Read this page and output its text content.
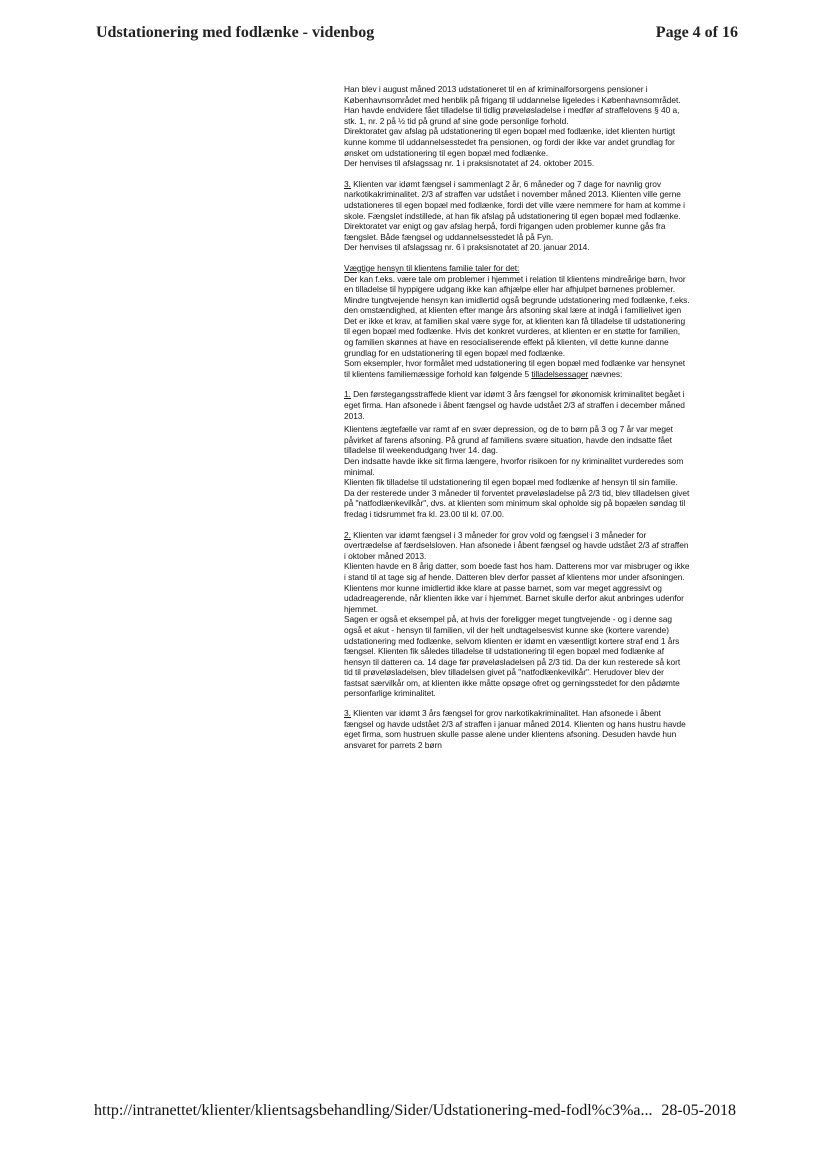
Udstationering med fodlænke - videnbog	Page 4 of 16

Han blev i august måned 2013 udstationeret til en af kriminalforsorgens pensioner i Københavnsområdet med henblik på frigang til uddannelse ligeledes i Københavnsområdet. Han havde endvidere fået tilladelse til tidlig prøveløsladelse i medfør af straffelovens § 40 a, stk. 1, nr. 2 på ½ tid på grund af sine gode personlige forhold.

Direktoratet gav afslag på udstationering til egen bopæl med fodlænke, idet klienten hurtigt kunne komme til uddannelsesstedet fra pensionen, og fordi der ikke var andet grundlag for ønsket om udstationering til egen bopæl med fodlænke.

Der henvises til afslagssag nr. 1 i praksisnotatet af 24. oktober 2015.

3. Klienten var idømt fængsel i sammenlagt 2 år, 6 måneder og 7 dage for navnlig grov narkotikakriminalitet. 2/3 af straffen var udstået i november måned 2013. Klienten ville gerne udstationeres til egen bopæl med fodlænke, fordi det ville være nemmere for ham at komme i skole. Fængslet indstillede, at han fik afslag på udstationering til egen bopæl med fodlænke. Direktoratet var enigt og gav afslag herpå, fordi frigangen uden problemer kunne gås fra fængslet. Både fængsel og uddannelsesstedet lå på Fyn.

Der henvises til afslagssag nr. 6 i praksisnotatet af 20. januar 2014.

Vægtige hensyn til klientens familie taler for det:

Der kan f.eks. være tale om problemer i hjemmet i relation til klientens mindreårige børn, hvor en tilladelse til hyppigere udgang ikke kan afhjælpe eller har afhjulpet børnenes problemer.

Mindre tungtvejende hensyn kan imidlertid også begrunde udstationering med fodlænke, f.eks. den omstændighed, at klienten efter mange års afsoning skal lære at indgå i familielivet igen

Det er ikke et krav, at familien skal være syge for, at klienten kan få tilladelse til udstationering til egen bopæl med fodlænke. Hvis det konkret vurderes, at klienten er en støtte for familien, og familien skønnes at have en resocialiserende effekt på klienten, vil dette kunne danne grundlag for en udstationering til egen bopæl med fodlænke.

Som eksempler, hvor formålet med udstationering til egen bopæl med fodlænke var hensynet til klientens familiemæssige forhold kan følgende 5 tilladelsessager nævnes:

1. Den førstegangsstraffede klient var idømt 3 års fængsel for økonomisk kriminalitet begået i eget firma. Han afsonede i åbent fængsel og havde udstået 2/3 af straffen i december måned 2013.

Klientens ægtefælle var ramt af en svær depression, og de to børn på 3 og 7 år var meget påvirket af farens afsoning. På grund af familiens svære situation, havde den indsatte fået tilladelse til weekendudgang hver 14. dag.

Den indsatte havde ikke sit firma længere, hvorfor risikoen for ny kriminalitet vurderedes som minimal.

Klienten fik tilladelse til udstationering til egen bopæl med fodlænke af hensyn til sin familie. Da der resterede under 3 måneder til forventet prøveløsladelse på 2/3 tid, blev tilladelsen givet på "natfodlænkevilkår", dvs. at klienten som minimum skal opholde sig på bopælen søndag til fredag i tidsrummet fra kl. 23.00 til kl. 07.00.

2. Klienten var idømt fængsel i 3 måneder for grov vold og fængsel i 3 måneder for overtrædelse af færdselsloven. Han afsonede i åbent fængsel og havde udstået 2/3 af straffen i oktober måned 2013.

Klienten havde en 8 årig datter, som boede fast hos ham. Datterens mor var misbruger og ikke i stand til at tage sig af hende. Datteren blev derfor passet af klientens mor under afsoningen. Klientens mor kunne imidlertid ikke klare at passe barnet, som var meget aggressivt og udadreagerende, når klienten ikke var i hjemmet. Barnet skulle derfor akut anbringes udenfor hjemmet.

Sagen er også et eksempel på, at hvis der foreligger meget tungtvejende - og i denne sag også et akut - hensyn til familien, vil der helt undtagelsesvist kunne ske (kortere varende) udstationering med fodlænke, selvom klienten er idømt en væsentligt kortere straf end 1 års fængsel. Klienten fik således tilladelse til udstationering til egen bopæl med fodlænke af hensyn til datteren ca. 14 dage før prøveløsladelsen på 2/3 tid. Da der kun resterede så kort tid til prøveløsladelsen, blev tilladelsen givet på "natfodlænkevilkår". Herudover blev der fastsat særvilkår om, at klienten ikke måtte opsøge ofret og gerningsstedet for den pådømte personfarlige kriminalitet.

3. Klienten var idømt 3 års fængsel for grov narkotikakriminalitet. Han afsonede i åbent fængsel og havde udstået 2/3 af straffen i januar måned 2014. Klienten og hans hustru havde eget firma, som hustruen skulle passe alene under klientens afsoning. Desuden havde hun ansvaret for parrets 2 børn

http://intranettet/klienter/klientsagsbehandling/Sider/Udstationering-med-fodl%c3%a... 28-05-2018
